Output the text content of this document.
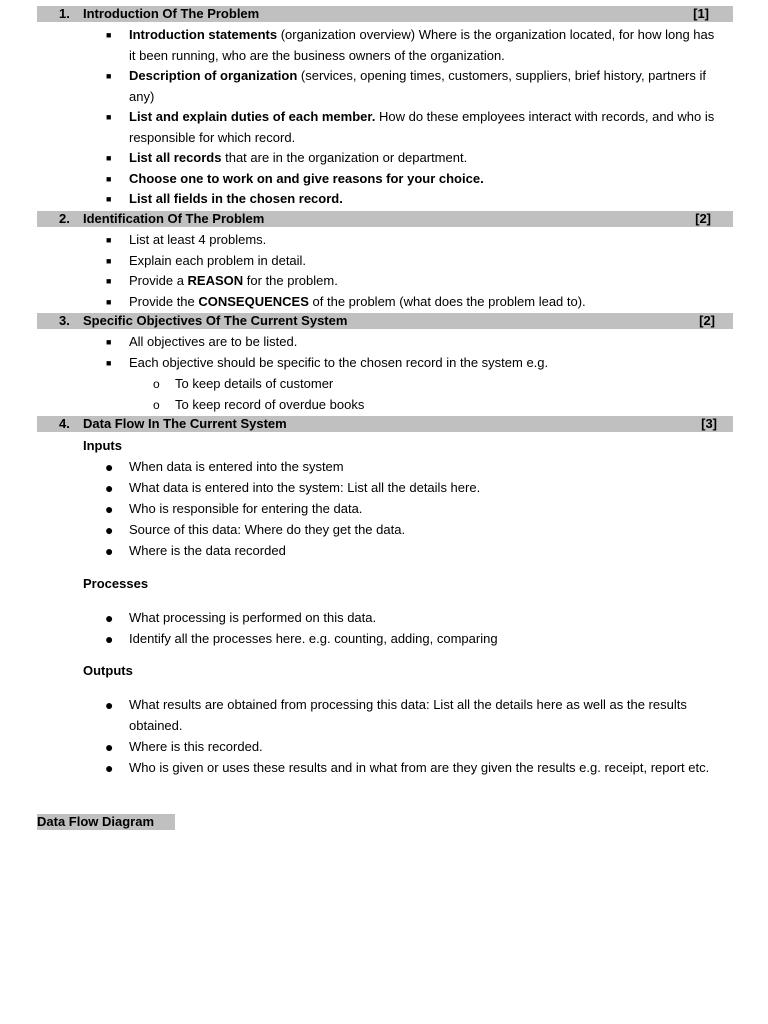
1. Introduction Of The Problem	[1]
■ Introduction statements (organization overview) Where is the organization located, for how long has it been running, who are the business owners of the organization.
■ Description of organization (services, opening times, customers, suppliers, brief history, partners if any)
■ List and explain duties of each member. How do these employees interact with records, and who is responsible for which record.
■ List all records that are in the organization or department.
■ Choose one to work on and give reasons for your choice.
■ List all fields in the chosen record.
2. Identification Of The Problem	[2]
■ List at least 4 problems.
■ Explain each problem in detail.
■ Provide a REASON for the problem.
■ Provide the CONSEQUENCES of the problem (what does the problem lead to).
3. Specific Objectives Of The Current System	[2]
■ All objectives are to be listed.
■ Each objective should be specific to the chosen record in the system e.g.
o To keep details of customer
o To keep record of overdue books
4. Data Flow In The Current System	[3]
Inputs
● When data is entered into the system
● What data is entered into the system: List all the details here.
● Who is responsible for entering the data.
● Source of this data: Where do they get the data.
● Where is the data recorded
Processes
● What processing is performed on this data.
● Identify all the processes here. e.g. counting, adding, comparing
Outputs
● What results are obtained from processing this data: List all the details here as well as the results obtained.
● Where is this recorded.
● Who is given or uses these results and in what from are they given the results e.g. receipt, report etc.
Data Flow Diagram
